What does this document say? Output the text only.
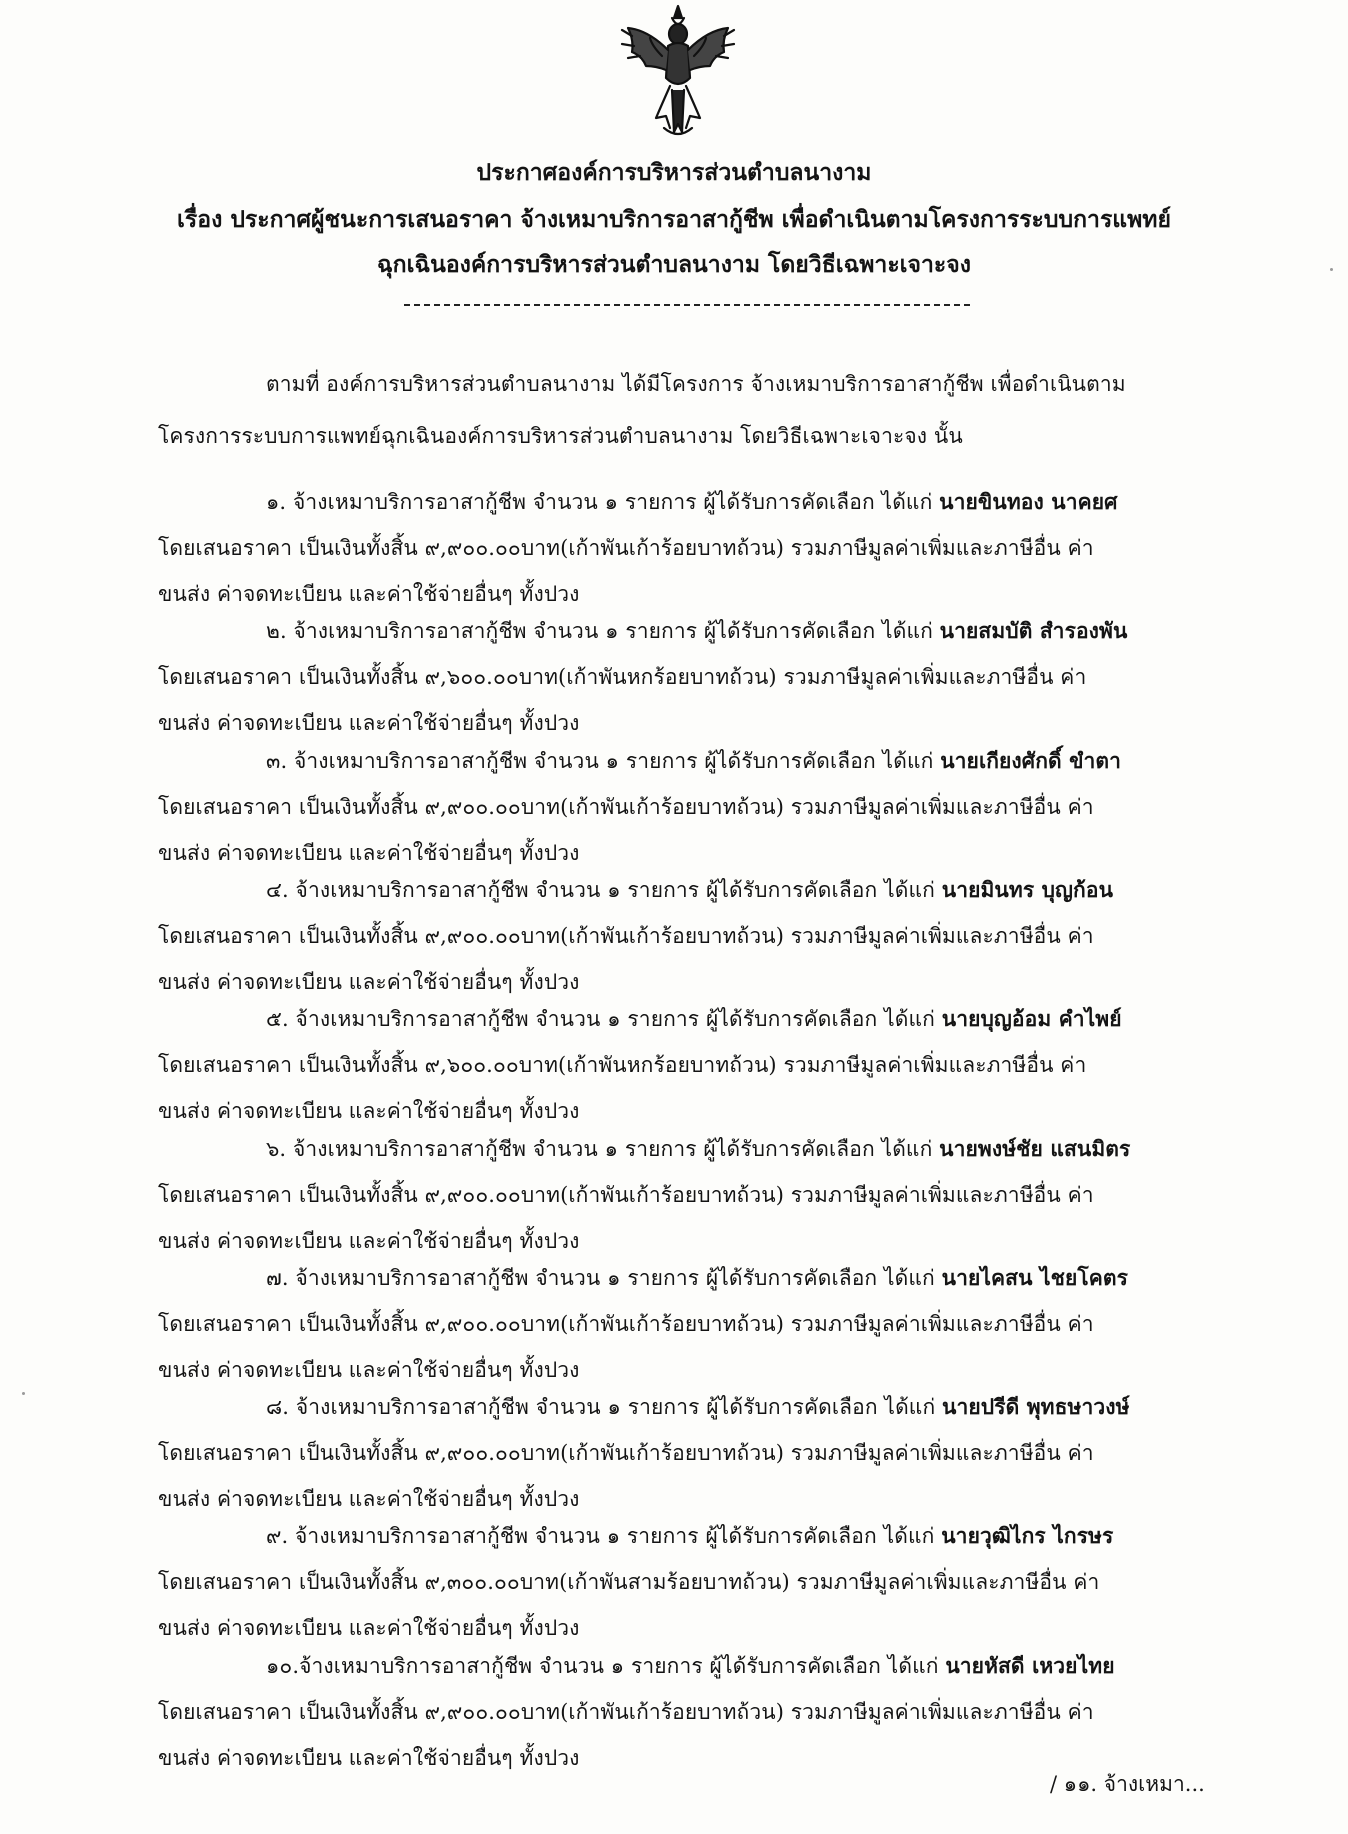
ประกาศองค์การบริหารส่วนตำบลนางาม
เรื่อง ประกาศผู้ชนะการเสนอราคา จ้างเหมาบริการอาสากู้ชีพ เพื่อดำเนินตามโครงการระบบการแพทย์
ฉุกเฉินองค์การบริหารส่วนตำบลนางาม โดยวิธีเฉพาะเจาะจง
ตามที่ องค์การบริหารส่วนตำบลนางาม ได้มีโครงการ จ้างเหมาบริการอาสากู้ชีพ เพื่อดำเนินตาม
โครงการระบบการแพทย์ฉุกเฉินองค์การบริหารส่วนตำบลนางาม โดยวิธีเฉพาะเจาะจง นั้น
๑. จ้างเหมาบริการอาสากู้ชีพ จำนวน ๑ รายการ ผู้ได้รับการคัดเลือก ได้แก่ นายขินทอง นาคยศ
โดยเสนอราคา เป็นเงินทั้งสิ้น ๙,๙๐๐.๐๐บาท(เก้าพันเก้าร้อยบาทถ้วน) รวมภาษีมูลค่าเพิ่มและภาษีอื่น ค่า
ขนส่ง ค่าจดทะเบียน และค่าใช้จ่ายอื่นๆ ทั้งปวง
๒. จ้างเหมาบริการอาสากู้ชีพ จำนวน ๑ รายการ ผู้ได้รับการคัดเลือก ได้แก่ นายสมบัติ สำรองพัน
โดยเสนอราคา เป็นเงินทั้งสิ้น ๙,๖๐๐.๐๐บาท(เก้าพันหกร้อยบาทถ้วน) รวมภาษีมูลค่าเพิ่มและภาษีอื่น ค่า
ขนส่ง ค่าจดทะเบียน และค่าใช้จ่ายอื่นๆ ทั้งปวง
๓. จ้างเหมาบริการอาสากู้ชีพ จำนวน ๑ รายการ ผู้ได้รับการคัดเลือก ได้แก่ นายเกียงศักดิ์ ขำตา
โดยเสนอราคา เป็นเงินทั้งสิ้น ๙,๙๐๐.๐๐บาท(เก้าพันเก้าร้อยบาทถ้วน) รวมภาษีมูลค่าเพิ่มและภาษีอื่น ค่า
ขนส่ง ค่าจดทะเบียน และค่าใช้จ่ายอื่นๆ ทั้งปวง
๔. จ้างเหมาบริการอาสากู้ชีพ จำนวน ๑ รายการ ผู้ได้รับการคัดเลือก ได้แก่ นายมินทร บุญก้อน
โดยเสนอราคา เป็นเงินทั้งสิ้น ๙,๙๐๐.๐๐บาท(เก้าพันเก้าร้อยบาทถ้วน) รวมภาษีมูลค่าเพิ่มและภาษีอื่น ค่า
ขนส่ง ค่าจดทะเบียน และค่าใช้จ่ายอื่นๆ ทั้งปวง
๕. จ้างเหมาบริการอาสากู้ชีพ จำนวน ๑ รายการ ผู้ได้รับการคัดเลือก ได้แก่ นายบุญอ้อม คำไพย์
โดยเสนอราคา เป็นเงินทั้งสิ้น ๙,๖๐๐.๐๐บาท(เก้าพันหกร้อยบาทถ้วน) รวมภาษีมูลค่าเพิ่มและภาษีอื่น ค่า
ขนส่ง ค่าจดทะเบียน และค่าใช้จ่ายอื่นๆ ทั้งปวง
๖. จ้างเหมาบริการอาสากู้ชีพ จำนวน ๑ รายการ ผู้ได้รับการคัดเลือก ได้แก่ นายพงษ์ชัย แสนมิตร
โดยเสนอราคา เป็นเงินทั้งสิ้น ๙,๙๐๐.๐๐บาท(เก้าพันเก้าร้อยบาทถ้วน) รวมภาษีมูลค่าเพิ่มและภาษีอื่น ค่า
ขนส่ง ค่าจดทะเบียน และค่าใช้จ่ายอื่นๆ ทั้งปวง
๗. จ้างเหมาบริการอาสากู้ชีพ จำนวน ๑ รายการ ผู้ได้รับการคัดเลือก ได้แก่ นายไคสน ไชยโคตร
โดยเสนอราคา เป็นเงินทั้งสิ้น ๙,๙๐๐.๐๐บาท(เก้าพันเก้าร้อยบาทถ้วน) รวมภาษีมูลค่าเพิ่มและภาษีอื่น ค่า
ขนส่ง ค่าจดทะเบียน และค่าใช้จ่ายอื่นๆ ทั้งปวง
๘. จ้างเหมาบริการอาสากู้ชีพ จำนวน ๑ รายการ ผู้ได้รับการคัดเลือก ได้แก่ นายปรีดี พุทธษาวงษ์
โดยเสนอราคา เป็นเงินทั้งสิ้น ๙,๙๐๐.๐๐บาท(เก้าพันเก้าร้อยบาทถ้วน) รวมภาษีมูลค่าเพิ่มและภาษีอื่น ค่า
ขนส่ง ค่าจดทะเบียน และค่าใช้จ่ายอื่นๆ ทั้งปวง
๙. จ้างเหมาบริการอาสากู้ชีพ จำนวน ๑ รายการ ผู้ได้รับการคัดเลือก ได้แก่ นายวุฒิไกร ไกรษร
โดยเสนอราคา เป็นเงินทั้งสิ้น ๙,๓๐๐.๐๐บาท(เก้าพันสามร้อยบาทถ้วน) รวมภาษีมูลค่าเพิ่มและภาษีอื่น ค่า
ขนส่ง ค่าจดทะเบียน และค่าใช้จ่ายอื่นๆ ทั้งปวง
๑๐.จ้างเหมาบริการอาสากู้ชีพ จำนวน ๑ รายการ ผู้ได้รับการคัดเลือก ได้แก่ นายหัสดี เหวยไทย
โดยเสนอราคา เป็นเงินทั้งสิ้น ๙,๙๐๐.๐๐บาท(เก้าพันเก้าร้อยบาทถ้วน) รวมภาษีมูลค่าเพิ่มและภาษีอื่น ค่า
ขนส่ง ค่าจดทะเบียน และค่าใช้จ่ายอื่นๆ ทั้งปวง
/ ๑๑. จ้างเหมา...
